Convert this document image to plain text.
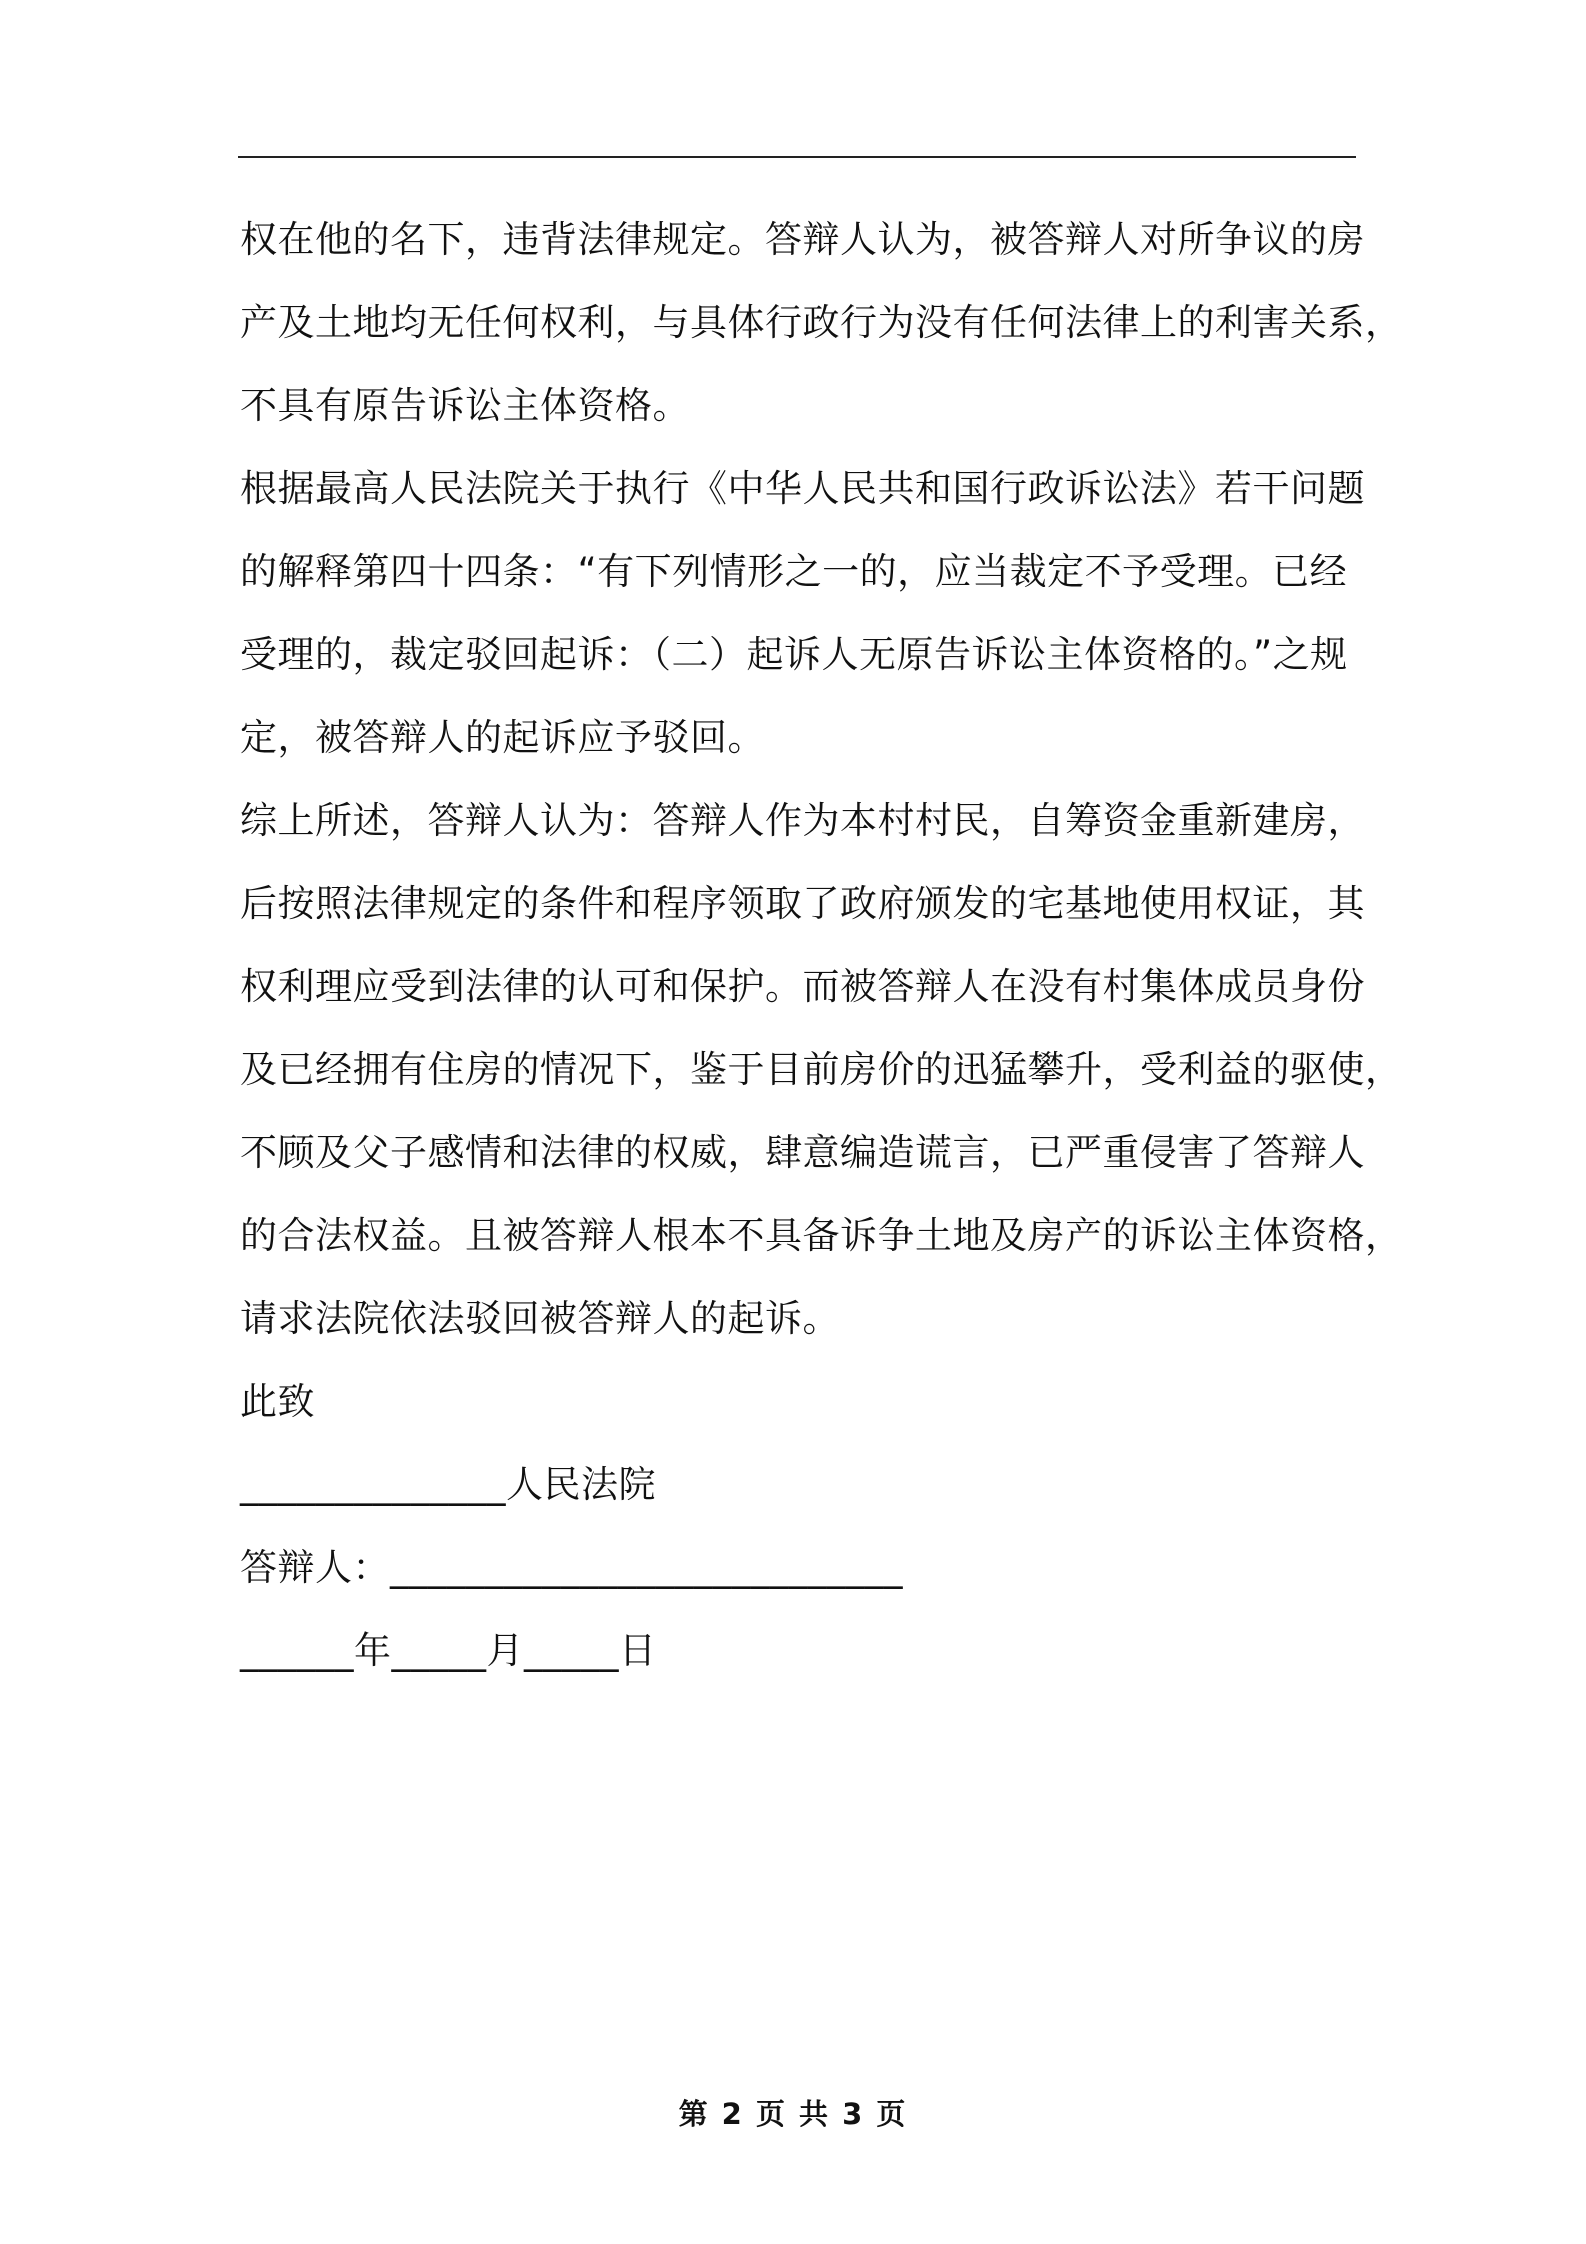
权在他的名下，违背法律规定。答辩人认为，被答辩人对所争议的房
产及土地均无任何权利，与具体行政行为没有任何法律上的利害关系，
不具有原告诉讼主体资格。
根据最高人民法院关于执行《中华人民共和国行政诉讼法》若干问题
的解释第四十四条：“有下列情形之一的，应当裁定不予受理。已经
受理的，裁定驳回起诉：（二）起诉人无原告诉讼主体资格的。”之规
定，被答辩人的起诉应予驳回。
综上所述，答辩人认为：答辩人作为本村村民，自筹资金重新建房，
后按照法律规定的条件和程序领取了政府颁发的宅基地使用权证，其
权利理应受到法律的认可和保护。而被答辩人在没有村集体成员身份
及已经拥有住房的情况下，鉴于目前房价的迅猛攀升，受利益的驱使，
不顾及父子感情和法律的权威，肆意编造谎言，已严重侵害了答辩人
的合法权益。且被答辩人根本不具备诉争土地及房产的诉讼主体资格，
请求法院依法驳回被答辩人的起诉。
此致
______________人民法院
答辩人：___________________________
______年_____月_____日
第 2 页 共 3 页
